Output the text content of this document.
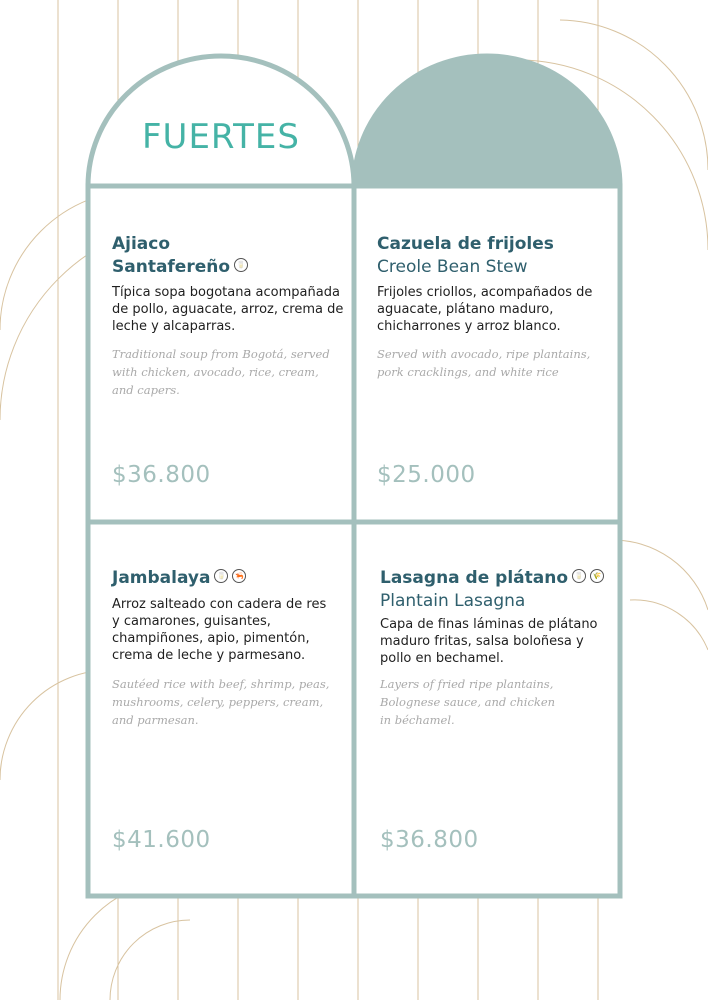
FUERTES
Ajiaco
Santafereño 🥛
Típica sopa bogotana acompañada
de pollo, aguacate, arroz, crema de
leche y alcaparras.
Traditional soup from Bogotá, served
with chicken, avocado, rice, cream,
and capers.
$36.800
Cazuela de frijoles
Creole Bean Stew
Frijoles criollos, acompañados de
aguacate, plátano maduro,
chicharrones y arroz blanco.
Served with avocado, ripe plantains,
pork cracklings, and white rice
$25.000
Jambalaya 🥛 🦐
Arroz salteado con cadera de res
y camarones, guisantes,
champiñones, apio, pimentón,
crema de leche y parmesano.
Sautéed rice with beef, shrimp, peas,
mushrooms, celery, peppers, cream,
and parmesan.
$41.600
Lasagna de plátano 🥛 🌾
Plantain Lasagna
Capa de finas láminas de plátano
maduro fritas, salsa boloñesa y
pollo en bechamel.
Layers of fried ripe plantains,
Bolognese sauce, and chicken
in béchamel.
$36.800
